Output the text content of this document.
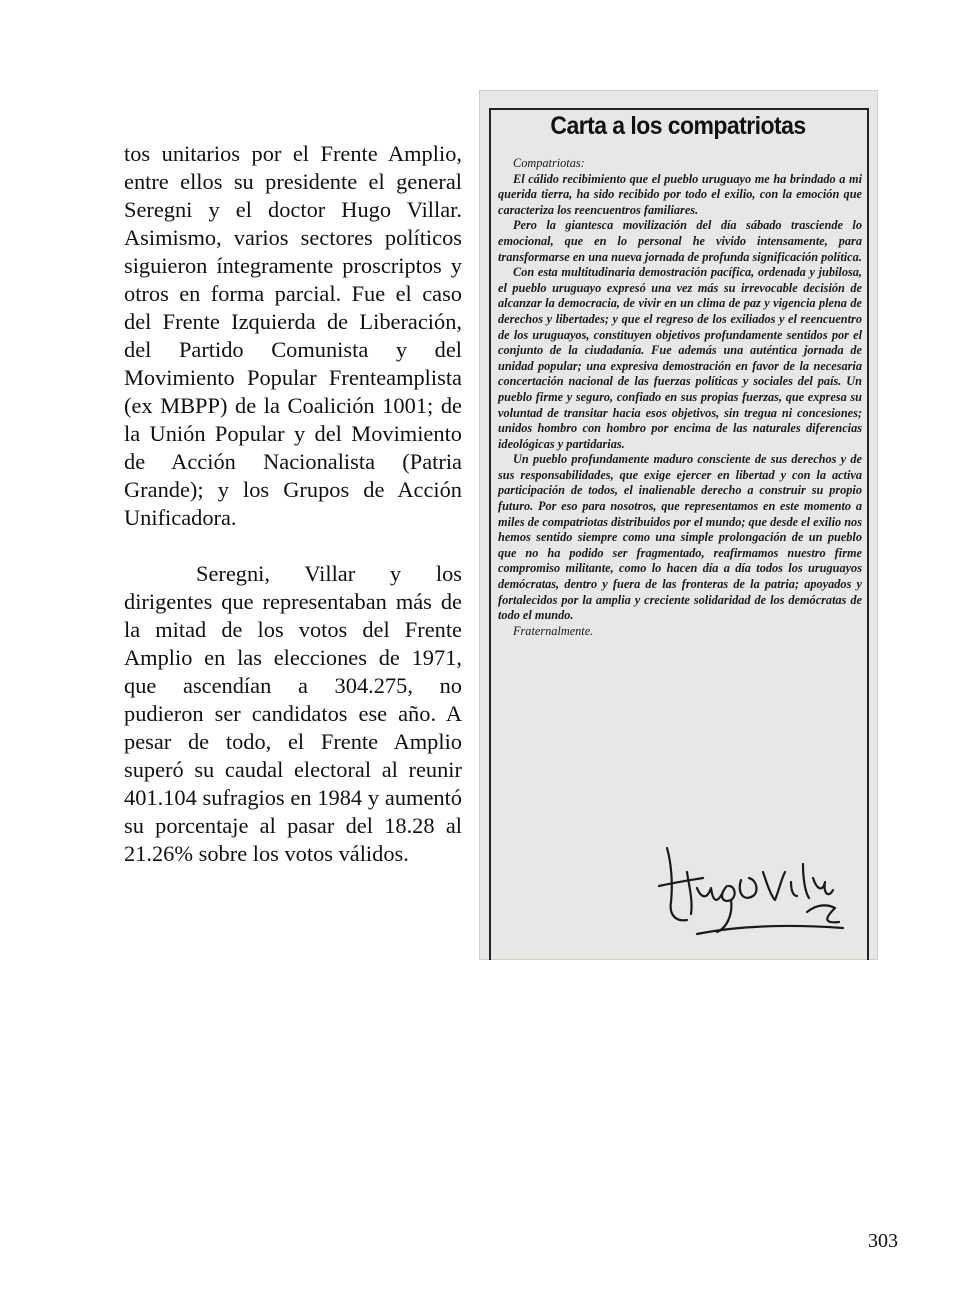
tos unitarios por el Frente Amplio, entre ellos su presidente el general Seregni y el doctor Hugo Villar. Asimismo, varios sectores políticos siguieron íntegramente proscriptos y otros en forma parcial. Fue el caso del Frente Izquierda de Liberación, del Partido Comunista y del Movimiento Popular Frenteamplista (ex MBPP) de la Coalición 1001; de la Unión Popular y del Movimiento de Acción Nacionalista (Patria Grande); y los Grupos de Acción Unificadora.

Seregni, Villar y los dirigentes que representaban más de la mitad de los votos del Frente Amplio en las elecciones de 1971, que ascendían a 304.275, no pudieron ser candidatos ese año. A pesar de todo, el Frente Amplio superó su caudal electoral al reunir 401.104 sufragios en 1984 y aumentó su porcentaje al pasar del 18.28 al 21.26% sobre los votos válidos.

Carta a los compatriotas

Compatriotas:

El cálido recibimiento que el pueblo uruguayo me ha brindado a mi querida tierra, ha sido recibido por todo el exilio, con la emoción que caracteriza los reencuentros familiares.

Pero la giantesca movilización del día sábado trasciende lo emocional, que en lo personal he vivido intensamente, para transformarse en una nueva jornada de profunda significación política.

Con esta multitudinaria demostración pacífica, ordenada y jubilosa, el pueblo uruguayo expresó una vez más su irrevocable decisión de alcanzar la democracia, de vivir en un clima de paz y vigencia plena de derechos y libertades; y que el regreso de los exiliados y el reencuentro de los uruguayos, constituyen objetivos profundamente sentidos por el conjunto de la ciudadanía. Fue además una auténtica jornada de unidad popular; una expresiva demostración en favor de la necesaria concertación nacional de las fuerzas políticas y sociales del país. Un pueblo firme y seguro, confiado en sus propias fuerzas, que expresa su voluntad de transitar hacia esos objetivos, sin tregua ni concesiones; unidos hombro con hombro por encima de las naturales diferencias ideológicas y partidarias.

Un pueblo profundamente maduro consciente de sus derechos y de sus responsabilidades, que exige ejercer en libertad y con la activa participación de todos, el inalienable derecho a construir su propio futuro. Por eso para nosotros, que representamos en este momento a miles de compatriotas distribuidos por el mundo; que desde el exilio nos hemos sentido siempre como una simple prolongación de un pueblo que no ha podido ser fragmentado, reafirmamos nuestro firme compromiso militante, como lo hacen día a día todos los uruguayos demócratas, dentro y fuera de las fronteras de la patria; apoyados y fortalecidos por la amplia y creciente solidaridad de los demócratas de todo el mundo.

Fraternalmente.

303
